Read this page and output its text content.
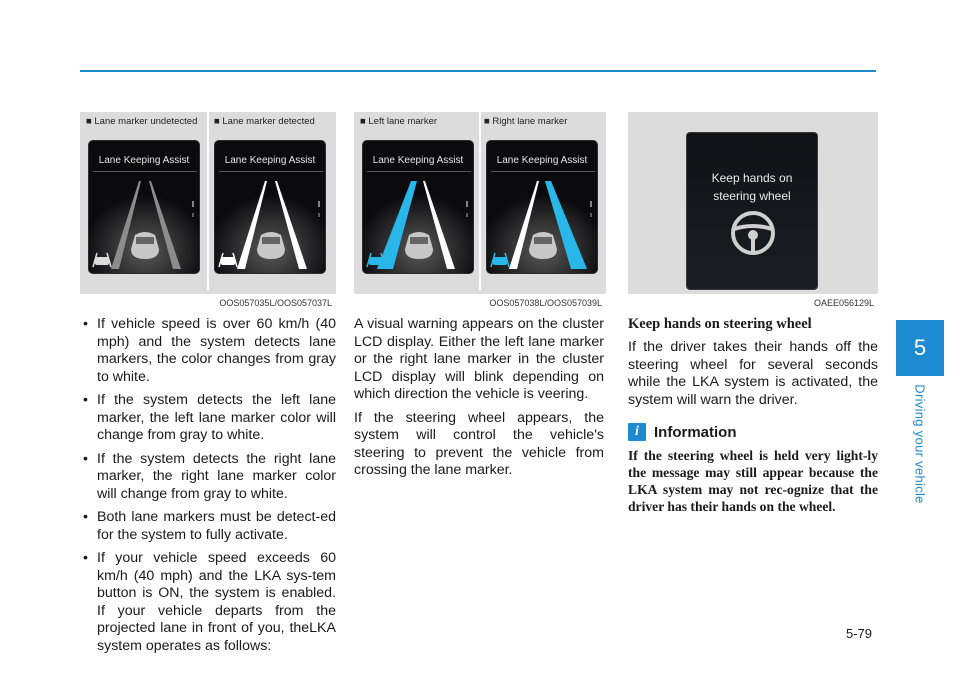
5
Driving your vehicle
■ Lane marker undetected ■ Lane marker detected
Lane Keeping Assist	Lane Keeping Assist
OOS057035L/OOS057037L
■ Left lane marker	■ Right lane marker
Lane Keeping Assist	Lane Keeping Assist
OOS057038L/OOS057039L
Keep hands on
steering wheel
OAEE056129L
• If vehicle speed is over 60 km/h (40 mph) and the system detects lane markers, the color changes from gray to white.
• If the system detects the left lane marker, the left lane marker color will change from gray to white.
• If the system detects the right lane marker, the right lane marker color will change from gray to white.
• Both lane markers must be detect-ed for the system to fully activate.
• If your vehicle speed exceeds 60 km/h (40 mph) and the LKA sys-tem button is ON, the system is enabled. If your vehicle departs from the projected lane in front of you, theLKA system operates as follows:

A visual warning appears on the cluster LCD display. Either the left lane marker or the right lane marker in the cluster LCD display will blink depending on which direction the vehicle is veering.

If the steering wheel appears, the system will control the vehicle's steering to prevent the vehicle from crossing the lane marker.

Keep hands on steering wheel
If the driver takes their hands off the steering wheel for several seconds while the LKA system is activated, the system will warn the driver.
i	Information
If the steering wheel is held very light-ly the message may still appear because the LKA system may not rec-ognize that the driver has their hands on the wheel.
5-79
